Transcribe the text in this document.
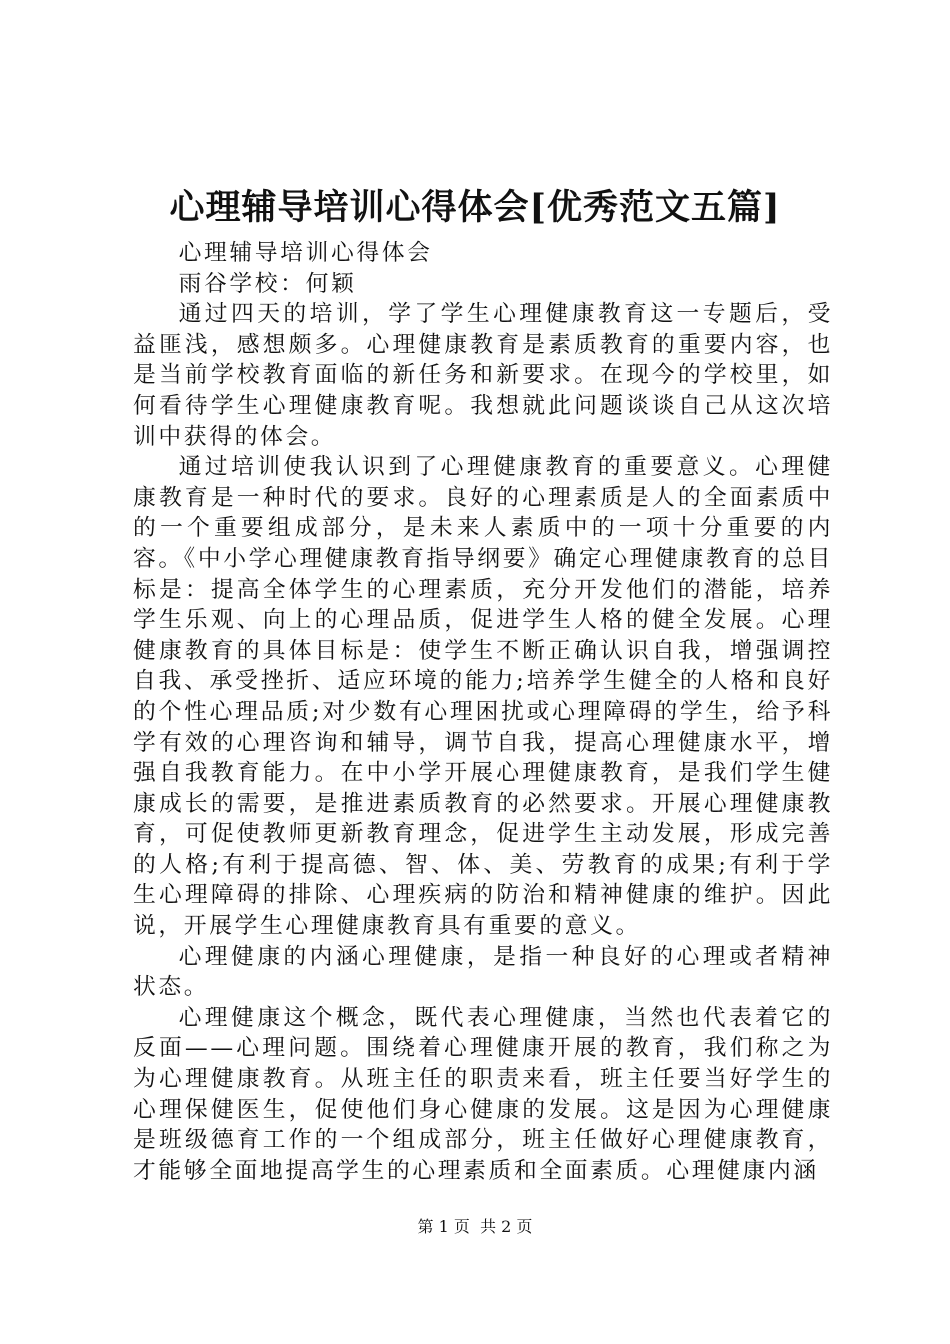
心理辅导培训心得体会[优秀范文五篇]

心理辅导培训心得体会

雨谷学校：何颖

通过四天的培训，学了学生心理健康教育这一专题后，受益匪浅，感想颇多。心理健康教育是素质教育的重要内容，也是当前学校教育面临的新任务和新要求。在现今的学校里，如何看待学生心理健康教育呢。我想就此问题谈谈自己从这次培训中获得的体会。

通过培训使我认识到了心理健康教育的重要意义。心理健康教育是一种时代的要求。良好的心理素质是人的全面素质中的一个重要组成部分，是未来人素质中的一项十分重要的内容。《中小学心理健康教育指导纲要》确定心理健康教育的总目标是：提高全体学生的心理素质，充分开发他们的潜能，培养学生乐观、向上的心理品质，促进学生人格的健全发展。心理健康教育的具体目标是：使学生不断正确认识自我，增强调控自我、承受挫折、适应环境的能力;培养学生健全的人格和良好的个性心理品质;对少数有心理困扰或心理障碍的学生，给予科学有效的心理咨询和辅导，调节自我，提高心理健康水平，增强自我教育能力。在中小学开展心理健康教育，是我们学生健康成长的需要，是推进素质教育的必然要求。开展心理健康教育，可促使教师更新教育理念，促进学生主动发展，形成完善的人格;有利于提高德、智、体、美、劳教育的成果;有利于学生心理障碍的排除、心理疾病的防治和精神健康的维护。因此说，开展学生心理健康教育具有重要的意义。

心理健康的内涵心理健康，是指一种良好的心理或者精神状态。

心理健康这个概念，既代表心理健康，当然也代表着它的反面——心理问题。围绕着心理健康开展的教育，我们称之为为心理健康教育。从班主任的职责来看，班主任要当好学生的心理保健医生，促使他们身心健康的发展。这是因为心理健康是班级德育工作的一个组成部分，班主任做好心理健康教育，才能够全面地提高学生的心理素质和全面素质。心理健康内涵

第 1 页  共 2 页
